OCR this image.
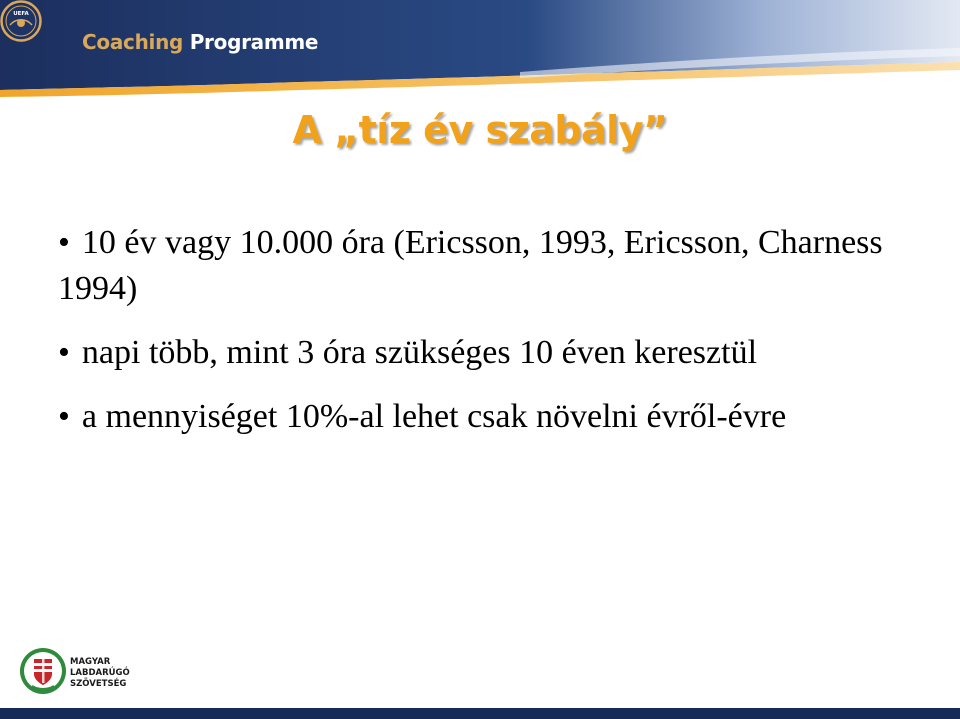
UEFA
Coaching Programme
A „tíz év szabály”
• 10 év vagy 10.000 óra (Ericsson, 1993, Ericsson, Charness 1994)
• napi több, mint 3 óra szükséges 10 éven keresztül
• a mennyiséget 10%-al lehet csak növelni évről-évre
MAGYAR
LABDARÚGÓ
SZÖVETSÉG
